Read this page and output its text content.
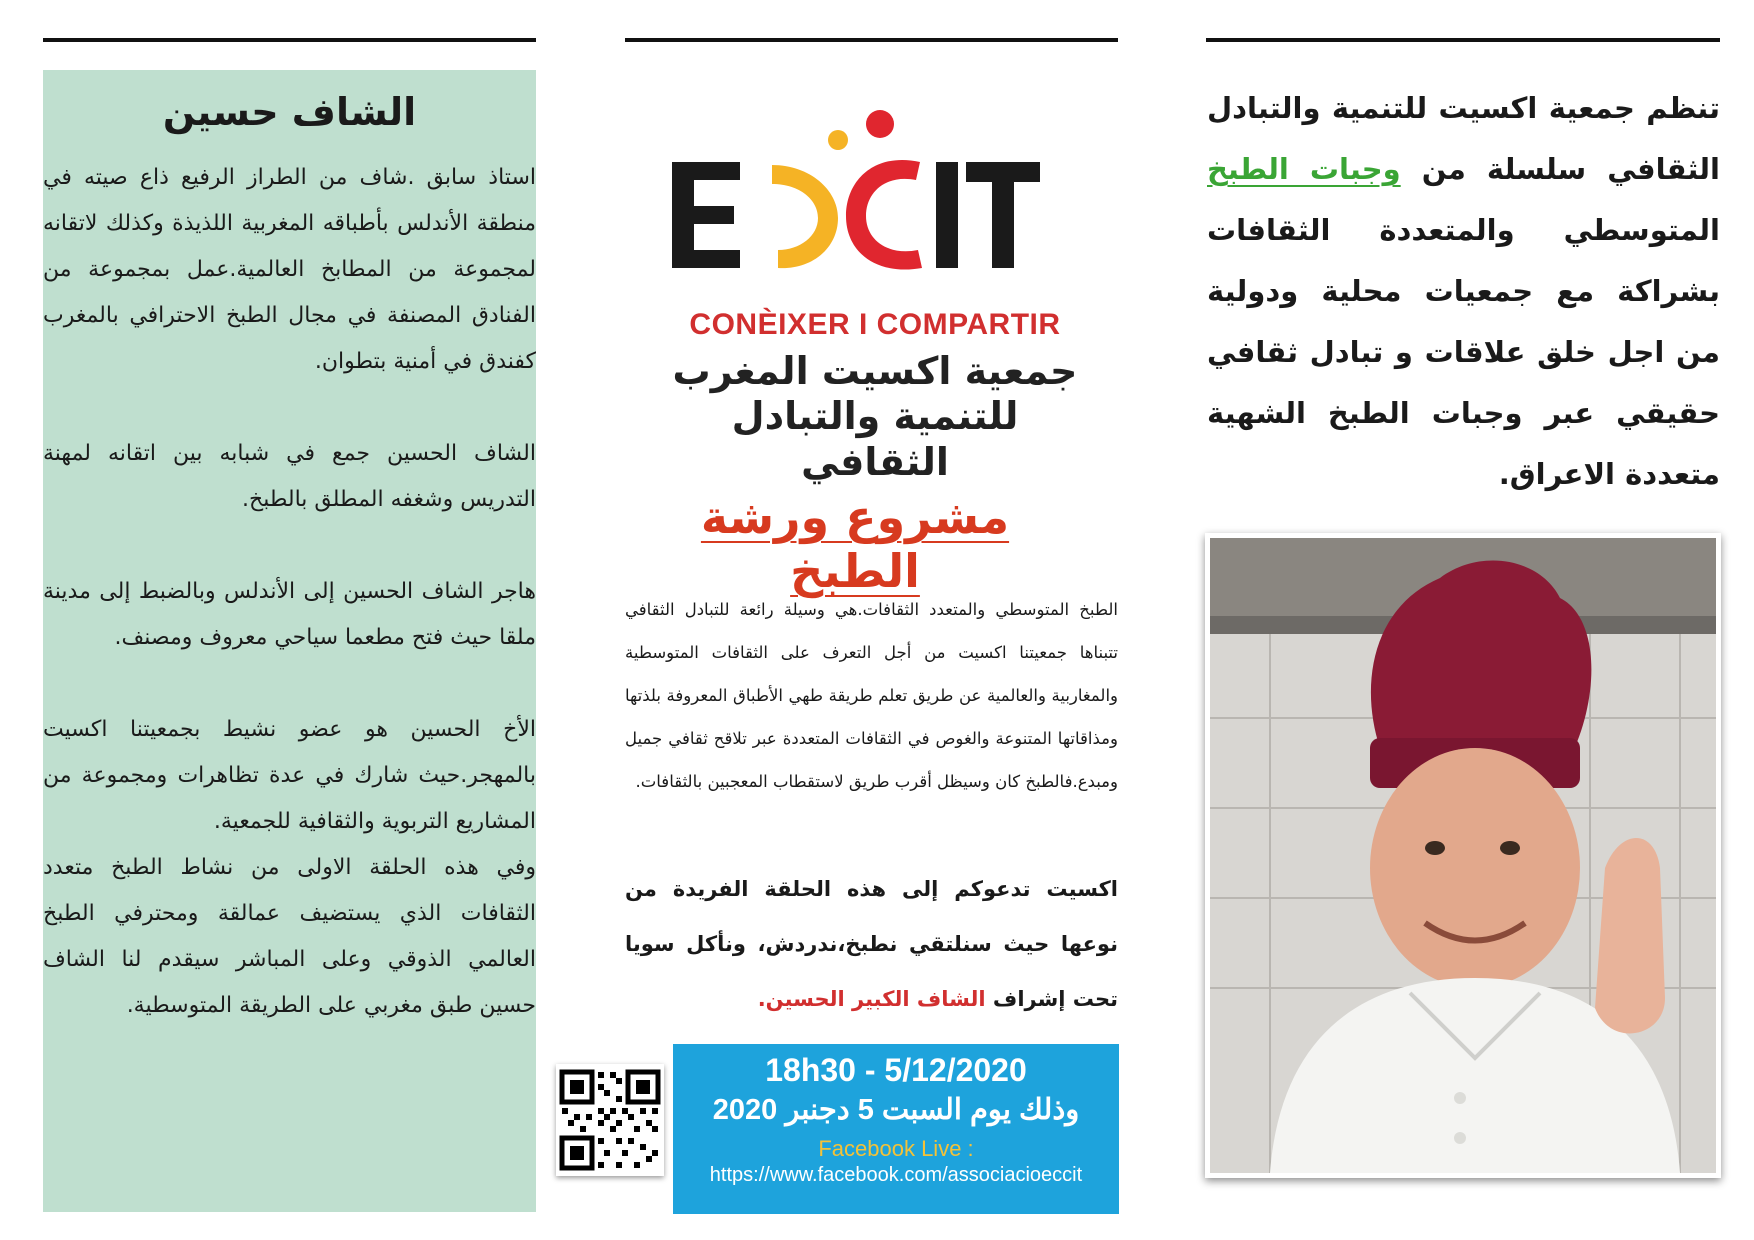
الشاف حسين

استاذ سابق .شاف من الطراز الرفيع ذاع صيته في منطقة الأندلس بأطباقه المغربية اللذيذة وكذلك لاتقانه لمجموعة من المطابخ العالمية.عمل بمجموعة من الفنادق المصنفة في مجال الطبخ الاحترافي بالمغرب كفندق في أمنية بتطوان.

الشاف الحسين جمع في شبابه بين اتقانه لمهنة التدريس وشغفه المطلق بالطبخ.

هاجر الشاف الحسين إلى الأندلس وبالضبط إلى مدينة ملقا حيث فتح مطعما سياحي معروف ومصنف.

الأخ الحسين هو عضو نشيط بجمعيتنا اكسيت بالمهجر.حيث شارك في عدة تظاهرات ومجموعة من المشاريع التربوية والثقافية للجمعية.

وفي هذه الحلقة الاولى من نشاط الطبخ متعدد الثقافات الذي يستضيف عمالقة ومحترفي الطبخ العالمي الذوقي وعلى المباشر سيقدم لنا الشاف حسين طبق مغربي على الطريقة المتوسطية.

CONÈIXER I COMPARTIR
جمعية اكسيت المغرب
للتنمية والتبادل الثقافي
مشروع ورشة الطبخ
الطبخ المتوسطي والمتعدد الثقافات.هي وسيلة رائعة للتبادل الثقافي تتبناها جمعيتنا اكسيت من أجل التعرف على الثقافات المتوسطية والمغاربية والعالمية عن طريق تعلم طريقة طهي الأطباق المعروفة بلذتها ومذاقاتها المتنوعة والغوص في الثقافات المتعددة عبر تلاقح ثقافي جميل ومبدع.فالطبخ كان وسيظل أقرب طريق لاستقطاب المعجبين بالثقافات.
اكسيت تدعوكم إلى هذه الحلقة الفريدة من نوعها حيث سنلتقي نطبخ،ندردش، ونأكل سويا تحت إشراف الشاف الكبير الحسين.
18h30 - 5/12/2020
وذلك يوم السبت 5 دجنبر 2020
Facebook Live :
https://www.facebook.com/associacioeccit
تنظم جمعية اكسيت للتنمية والتبادل الثقافي سلسلة من وجبات الطبخ المتوسطي والمتعددة الثقافات بشراكة مع جمعيات محلية ودولية من اجل خلق علاقات و تبادل ثقافي حقيقي عبر وجبات الطبخ الشهية متعددة الاعراق.
